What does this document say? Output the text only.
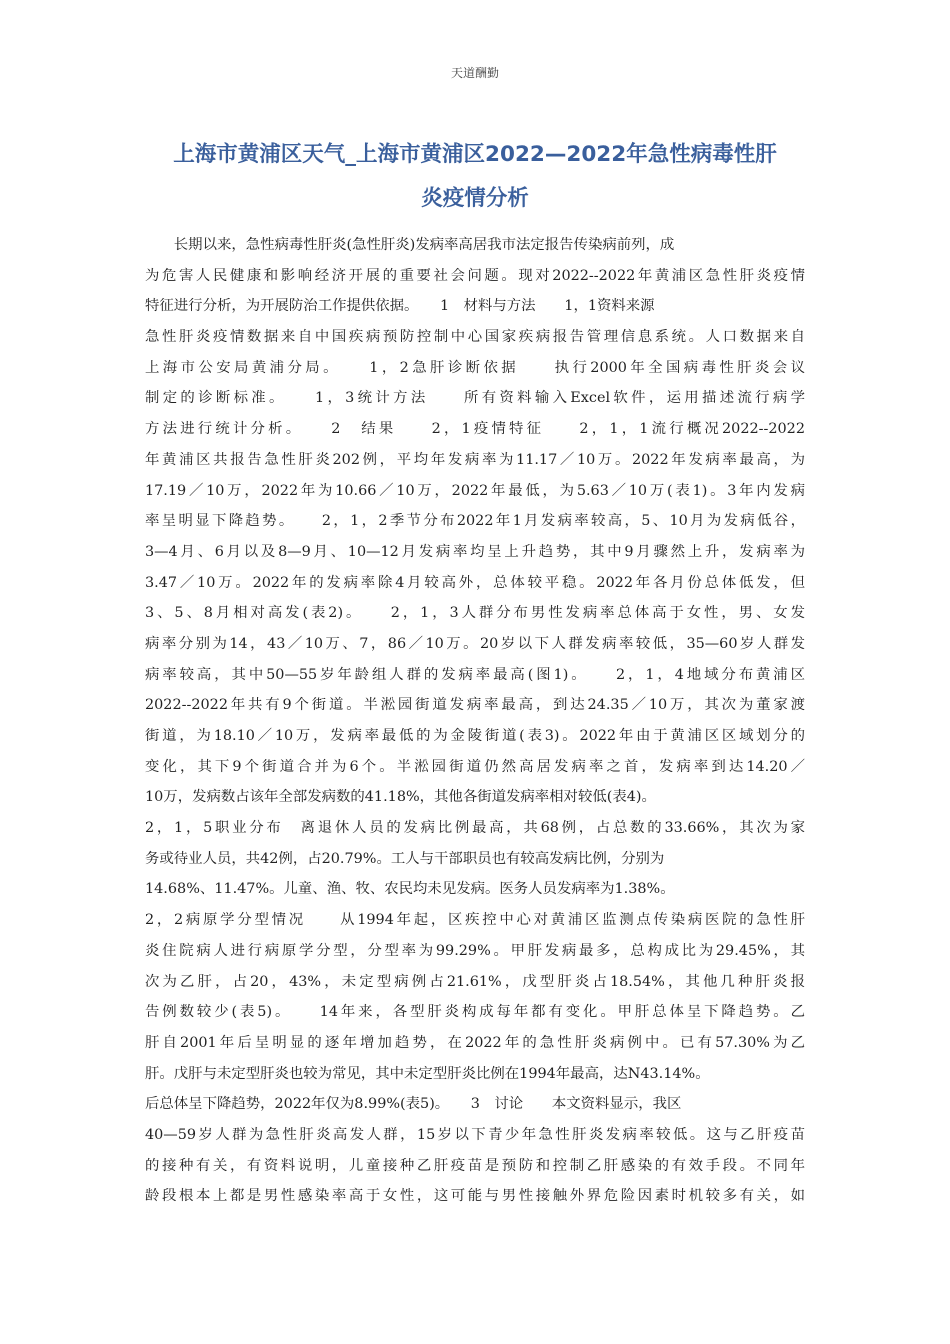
天道酬勤
上海市黄浦区天气_上海市黄浦区2022—2022年急性病毒性肝
炎疫情分析
　　长期以来，急性病毒性肝炎(急性肝炎)发病率高居我市法定报告传染病前列，成
为危害人民健康和影响经济开展的重要社会问题。现对2022--2022年黄浦区急性肝炎疫情
特征进行分析，为开展防治工作提供依据。　　1　材料与方法　　1，1资料来源
急性肝炎疫情数据来自中国疾病预防控制中心国家疾病报告管理信息系统。人口数据来自
上海市公安局黄浦分局。　　1，2急肝诊断依据　　执行2000年全国病毒性肝炎会议
制定的诊断标准。　　1，3统计方法　　所有资料输入Excel软件，运用描述流行病学
方法进行统计分析。　　2　结果　　2，1疫情特征　　2，1，1流行概况2022--2022
年黄浦区共报告急性肝炎202例，平均年发病率为11.17／10万。2022年发病率最高，为
17.19／10万，2022年为10.66／10万，2022年最低，为5.63／10万(表1)。3年内发病
率呈明显下降趋势。　　2，1，2季节分布2022年1月发病率较高，5、10月为发病低谷，
3—4月、6月以及8—9月、10—12月发病率均呈上升趋势，其中9月骤然上升，发病率为
3.47／10万。2022年的发病率除4月较高外，总体较平稳。2022年各月份总体低发，但
3、5、8月相对高发(表2)。　　2，1，3人群分布男性发病率总体高于女性，男、女发
病率分别为14，43／10万、7，86／10万。20岁以下人群发病率较低，35—60岁人群发
病率较高，其中50—55岁年龄组人群的发病率最高(图1)。　　2，1，4地域分布黄浦区
2022--2022年共有9个街道。半淞园街道发病率最高，到达24.35／10万，其次为董家渡
街道，为18.10／10万，发病率最低的为金陵街道(表3)。2022年由于黄浦区区域划分的
变化，其下9个街道合并为6个。半淞园街道仍然高居发病率之首，发病率到达14.20／
10万，发病数占该年全部发病数的41.18%，其他各街道发病率相对较低(表4)。
2，1，5职业分布　离退休人员的发病比例最高，共68例，占总数的33.66%，其次为家
务或待业人员，共42例，占20.79%。工人与干部职员也有较高发病比例，分别为
14.68%、11.47%。儿童、渔、牧、农民均未见发病。医务人员发病率为1.38%。
2，2病原学分型情况　　从1994年起，区疾控中心对黄浦区监测点传染病医院的急性肝
炎住院病人进行病原学分型，分型率为99.29%。甲肝发病最多，总构成比为29.45%，其
次为乙肝，占20，43%，未定型病例占21.61%，戊型肝炎占18.54%，其他几种肝炎报
告例数较少(表5)。　　14年来，各型肝炎构成每年都有变化。甲肝总体呈下降趋势。乙
肝自2001年后呈明显的逐年增加趋势，在2022年的急性肝炎病例中。已有57.30%为乙
肝。戊肝与未定型肝炎也较为常见，其中未定型肝炎比例在1994年最高，达N43.14%。
后总体呈下降趋势，2022年仅为8.99%(表5)。　　3　讨论　　本文资料显示，我区
40—59岁人群为急性肝炎高发人群，15岁以下青少年急性肝炎发病率较低。这与乙肝疫苗
的接种有关，有资料说明，儿童接种乙肝疫苗是预防和控制乙肝感染的有效手段。不同年
龄段根本上都是男性感染率高于女性，这可能与男性接触外界危险因素时机较多有关，如
